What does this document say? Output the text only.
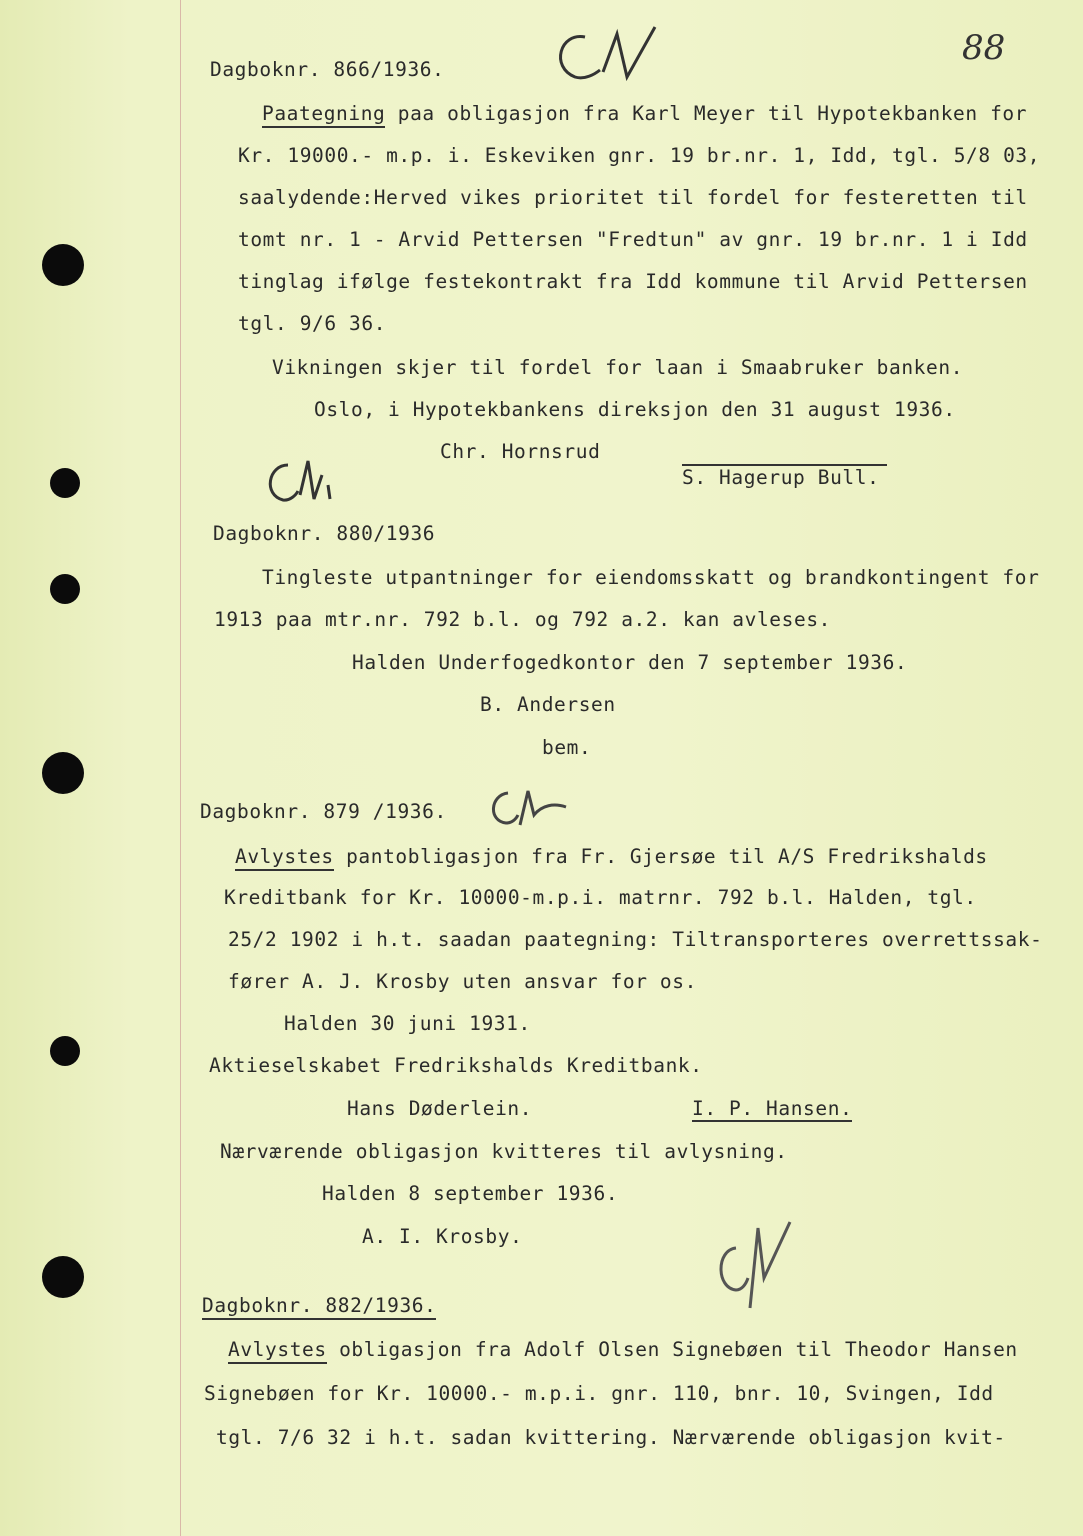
88
Dagboknr. 866/1936.
Paategning paa obligasjon fra Karl Meyer til Hypotekbanken for
Kr. 19000.- m.p. i. Eskeviken gnr. 19 br.nr. 1, Idd, tgl. 5/8 03,
saalydende:Herved vikes prioritet til fordel for festeretten til
tomt nr. 1 - Arvid Pettersen "Fredtun" av gnr. 19 br.nr. 1 i Idd
tinglag ifølge festekontrakt fra Idd kommune til Arvid Pettersen
tgl. 9/6 36.
Vikningen skjer til fordel for laan i Smaabruker banken.
Oslo, i Hypotekbankens direksjon den 31 august 1936.
Chr. Hornsrud
S. Hagerup Bull.
Dagboknr. 880/1936
Tingleste utpantninger for eiendomsskatt og brandkontingent for
1913 paa mtr.nr. 792 b.l. og 792 a.2. kan avleses.
Halden Underfogedkontor den 7 september 1936.
B. Andersen
bem.
Dagboknr. 879 /1936.
Avlystes pantobligasjon fra Fr. Gjersøe til A/S Fredrikshalds
Kreditbank for Kr. 10000-m.p.i. matrnr. 792 b.l. Halden, tgl.
25/2 1902 i h.t. saadan paategning: Tiltransporteres overrettssak-
fører A. J. Krosby uten ansvar for os.
Halden 30 juni 1931.
Aktieselskabet Fredrikshalds Kreditbank.
Hans Døderlein.	I. P. Hansen.
Nærværende obligasjon kvitteres til avlysning.
Halden 8 september 1936.
A. I. Krosby.
Dagboknr. 882/1936.
Avlystes obligasjon fra Adolf Olsen Signebøen til Theodor Hansen
Signebøen for Kr. 10000.- m.p.i. gnr. 110, bnr. 10, Svingen, Idd
tgl. 7/6 32 i h.t. sadan kvittering. Nærværende obligasjon kvit-
